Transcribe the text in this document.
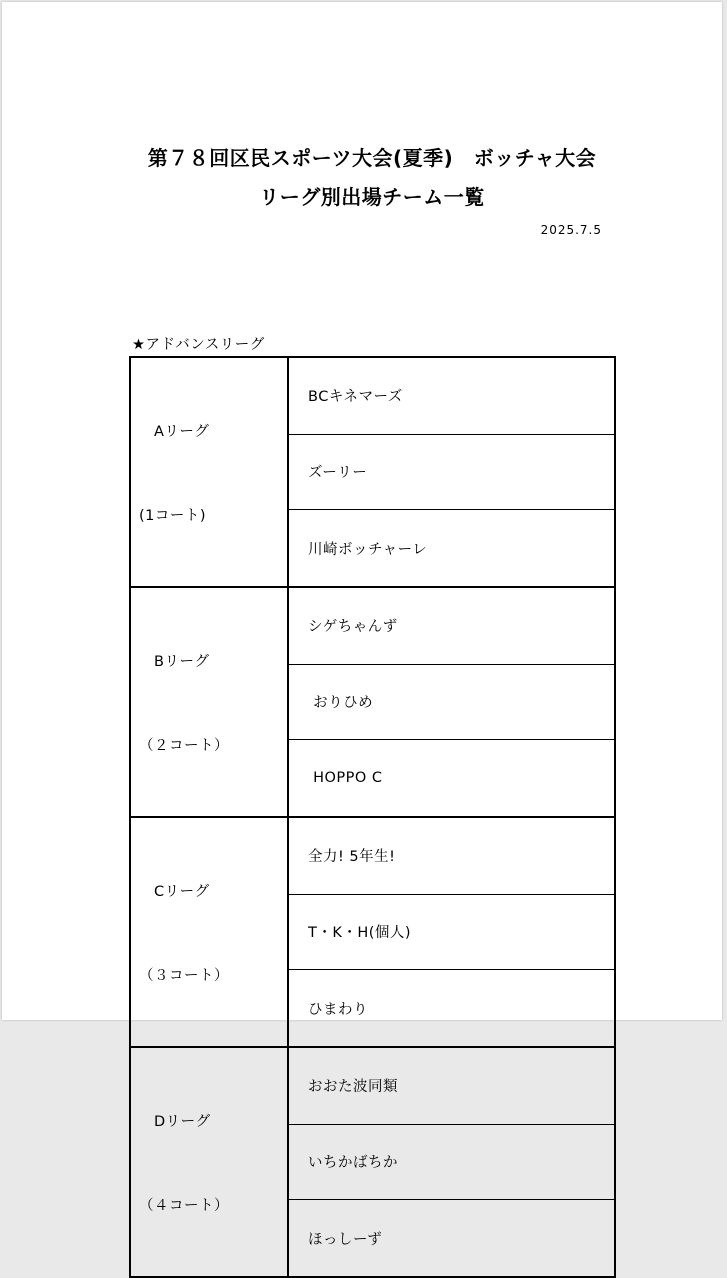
第７８回区民スポーツ大会(夏季)　ボッチャ大会
リーグ別出場チーム一覧
2025.7.5
★アドバンスリーグ

　Aリーグ

(1コート)	BCキネマーズ
	ズーリー
	川崎ボッチャーレ

　Bリーグ

（２コート）	シゲちゃんず
	おりひめ
	HOPPO C

　Cリーグ

（３コート）	全力! 5年生!
	T・K・H(個人)
	ひまわり

　Dリーグ

（４コート）	おおた波同類
	いちかばちか
	ほっしーず
